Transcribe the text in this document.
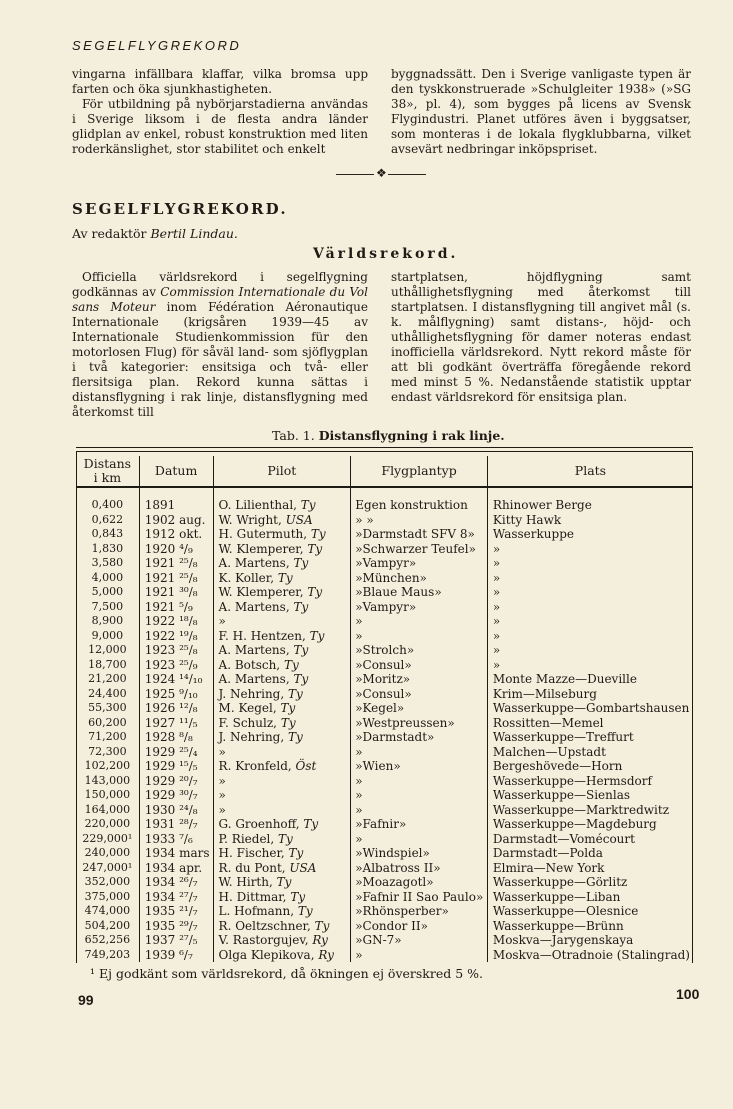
SEGELFLYGREKORD

vingarna infällbara klaffar, vilka bromsa upp farten och öka sjunkhastigheten.

För utbildning på nybörjarstadierna användas i Sverige liksom i de flesta andra länder glidplan av enkel, robust konstruktion med liten roderkänslighet, stor stabilitet och enkelt

byggnadssätt. Den i Sverige vanligaste typen är den tyskkonstruerade »Schulgleiter 1938» (»SG 38», pl. 4), som bygges på licens av Svensk Flygindustri. Planet utföres även i byggsatser, som monteras i de lokala flygklubbarna, vilket avsevärt nedbringar inköpspriset.

❖
SEGELFLYGREKORD.
Av redaktör Bertil Lindau.
Världsrekord.

Officiella världsrekord i segelflygning godkännas av Commission Internationale du Vol sans Moteur inom Fédération Aéronautique Internationale (krigsåren 1939—45 av Internationale Studienkommission für den motorlosen Flug) för såväl land- som sjöflygplan i två kategorier: ensitsiga och två- eller flersitsiga plan. Rekord kunna sättas i distansflygning i rak linje, distansflygning med återkomst till

startplatsen, höjdflygning samt uthållighetsflygning med återkomst till startplatsen. I distansflygning till angivet mål (s. k. målflygning) samt distans-, höjd- och uthållighetsflygning för damer noteras endast inofficiella världsrekord. Nytt rekord måste för att bli godkänt överträffa föregående rekord med minst 5 %. Nedanstående statistik upptar endast världsrekord för ensitsiga plan.

Tab. 1. Distansflygning i rak linje.
Distans
i km	Datum	Pilot	Flygplantyp	Plats
0,400	1891	O. Lilienthal, Ty	Egen konstruktion	Rhinower Berge
0,622	1902 aug.	W. Wright, USA	» »	Kitty Hawk
0,843	1912 okt.	H. Gutermuth, Ty	»Darmstadt SFV 8»	Wasserkuppe
1,830	1920 ⁴/₉	W. Klemperer, Ty	»Schwarzer Teufel»	»
3,580	1921 ²⁵/₈	A. Martens, Ty	»Vampyr»	»
4,000	1921 ²⁵/₈	K. Koller, Ty	»München»	»
5,000	1921 ³⁰/₈	W. Klemperer, Ty	»Blaue Maus»	»
7,500	1921 ⁵/₉	A. Martens, Ty	»Vampyr»	»
8,900	1922 ¹⁸/₈	»	»	»
9,000	1922 ¹⁹/₈	F. H. Hentzen, Ty	»	»
12,000	1923 ²⁵/₈	A. Martens, Ty	»Strolch»	»
18,700	1923 ²⁵/₉	A. Botsch, Ty	»Consul»	»
21,200	1924 ¹⁴/₁₀	A. Martens, Ty	»Moritz»	Monte Mazze—Dueville
24,400	1925 ⁹/₁₀	J. Nehring, Ty	»Consul»	Krim—Milseburg
55,300	1926 ¹²/₈	M. Kegel, Ty	»Kegel»	Wasserkuppe—Gombartshausen
60,200	1927 ¹¹/₅	F. Schulz, Ty	»Westpreussen»	Rossitten—Memel
71,200	1928 ⁸/₈	J. Nehring, Ty	»Darmstadt»	Wasserkuppe—Treffurt
72,300	1929 ²⁵/₄	»	»	Malchen—Upstadt
102,200	1929 ¹⁵/₅	R. Kronfeld, Öst	»Wien»	Bergeshövede—Horn
143,000	1929 ²⁰/₇	»	»	Wasserkuppe—Hermsdorf
150,000	1929 ³⁰/₇	»	»	Wasserkuppe—Sienlas
164,000	1930 ²⁴/₈	»	»	Wasserkuppe—Marktredwitz
220,000	1931 ²⁸/₇	G. Groenhoff, Ty	»Fafnir»	Wasserkuppe—Magdeburg
229,000¹	1933 ⁷/₆	P. Riedel, Ty	»	Darmstadt—Vomécourt
240,000	1934 mars	H. Fischer, Ty	»Windspiel»	Darmstadt—Polda
247,000¹	1934 apr.	R. du Pont, USA	»Albatross II»	Elmira—New York
352,000	1934 ²⁶/₇	W. Hirth, Ty	»Moazagotl»	Wasserkuppe—Görlitz
375,000	1934 ²⁷/₇	H. Dittmar, Ty	»Fafnir II Sao Paulo»	Wasserkuppe—Liban
474,000	1935 ²¹/₇	L. Hofmann, Ty	»Rhönsperber»	Wasserkuppe—Olesnice
504,200	1935 ²⁹/₇	R. Oeltzschner, Ty	»Condor II»	Wasserkuppe—Brünn
652,256	1937 ²⁷/₅	V. Rastorgujev, Ry	»GN-7»	Moskva—Jarygenskaya
749,203	1939 ⁶/₇	Olga Klepikova, Ry	»	Moskva—Otradnoie (Stalingrad)
¹ Ej godkänt som världsrekord, då ökningen ej överskred 5 %.
99	100
